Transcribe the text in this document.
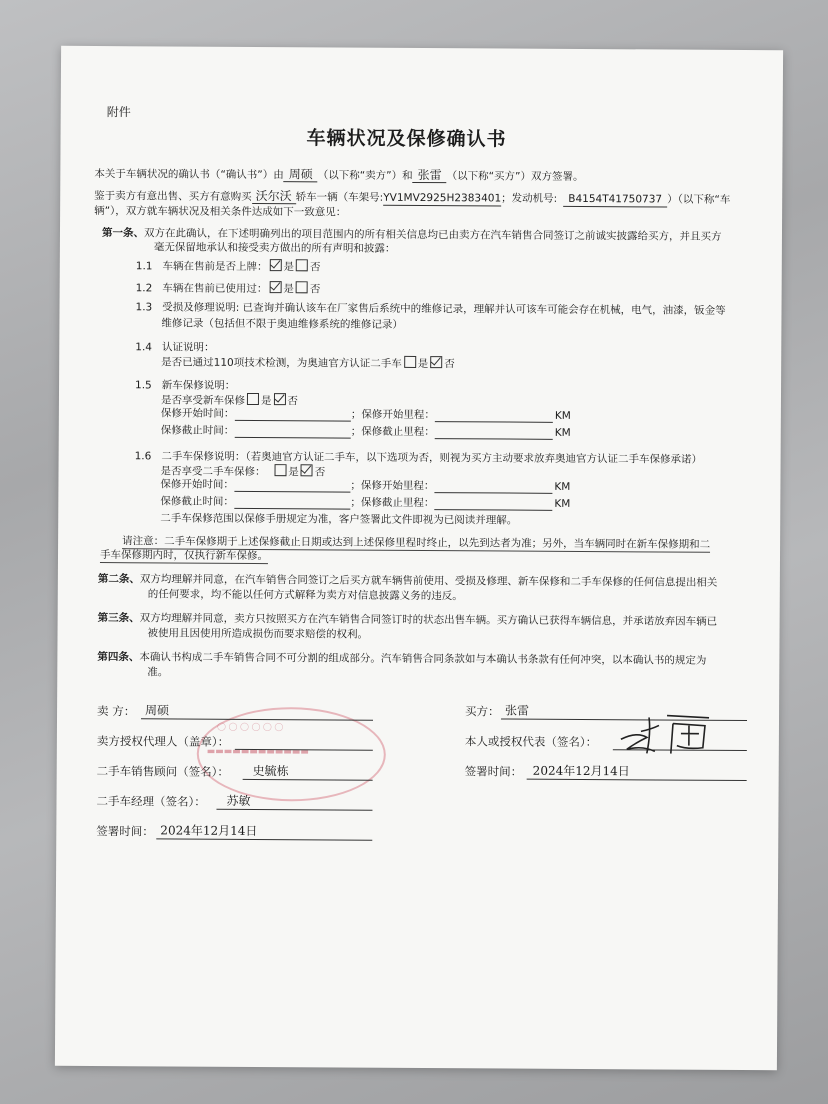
附件
车辆状况及保修确认书
本关于车辆状况的确认书（“确认书”）由 周硕 （以下称“卖方”）和 张雷 （以下称“买方”）双方签署。
鉴于卖方有意出售、买方有意购买 沃尔沃 轿车一辆（车架号:YV1MV2925H2383401；发动机号: B4154T41750737 ）（以下称“车
辆”），双方就车辆状况及相关条件达成如下一致意见：
第一条、双方在此确认，在下述明确列出的项目范围内的所有相关信息均已由卖方在汽车销售合同签订之前诚实披露给买方，并且买方
毫无保留地承认和接受卖方做出的所有声明和披露：
1.1 车辆在售前是否上牌： 是 否
1.2 车辆在售前已使用过： 是 否
1.3 受损及修理说明: 已查询并确认该车在厂家售后系统中的维修记录，理解并认可该车可能会存在机械，电气，油漆，钣金等
维修记录（包括但不限于奥迪维修系统的维修记录）
1.4 认证说明：
是否已通过110项技术检测，为奥迪官方认证二手车 是 否
1.5 新车保修说明：
是否享受新车保修 是 否
保修开始时间：	；保修开始里程：	KM
保修截止时间：	；保修截止里程：	KM
1.6 二手车保修说明：（若奥迪官方认证二手车，以下选项为否，则视为买方主动要求放弃奥迪官方认证二手车保修承诺）
是否享受二手车保修： 是 否
保修开始时间：	；保修开始里程：	KM
保修截止时间：	；保修截止里程：	KM
二手车保修范围以保修手册规定为准，客户签署此文件即视为已阅读并理解。
请注意：二手车保修期于上述保修截止日期或达到上述保修里程时终止，以先到达者为准；另外，当车辆同时在新车保修期和二
手车保修期内时，仅执行新车保修。
第二条、双方均理解并同意，在汽车销售合同签订之后买方就车辆售前使用、受损及修理、新车保修和二手车保修的任何信息提出相关
的任何要求，均不能以任何方式解释为卖方对信息披露义务的违反。
第三条、双方均理解并同意，卖方只按照买方在汽车销售合同签订时的状态出售车辆。买方确认已获得车辆信息，并承诺放弃因车辆已
被使用且因使用所造成损伤而要求赔偿的权利。
第四条、本确认书构成二手车销售合同不可分割的组成部分。汽车销售合同条款如与本确认书条款有任何冲突，以本确认书的规定为
准。
◯ ◯ ◯ ◯ ◯ ◯
▬▬▬▬▬▬▬▬▬▬▬▬
卖 方： 周硕
卖方授权代理人（盖章）：
二手车销售顾问（签名）： 史毓栋
二手车经理（签名）： 苏敏
签署时间： 2024年12月14日
买方： 张雷
本人或授权代表（签名）：
签署时间： 2024年12月14日
